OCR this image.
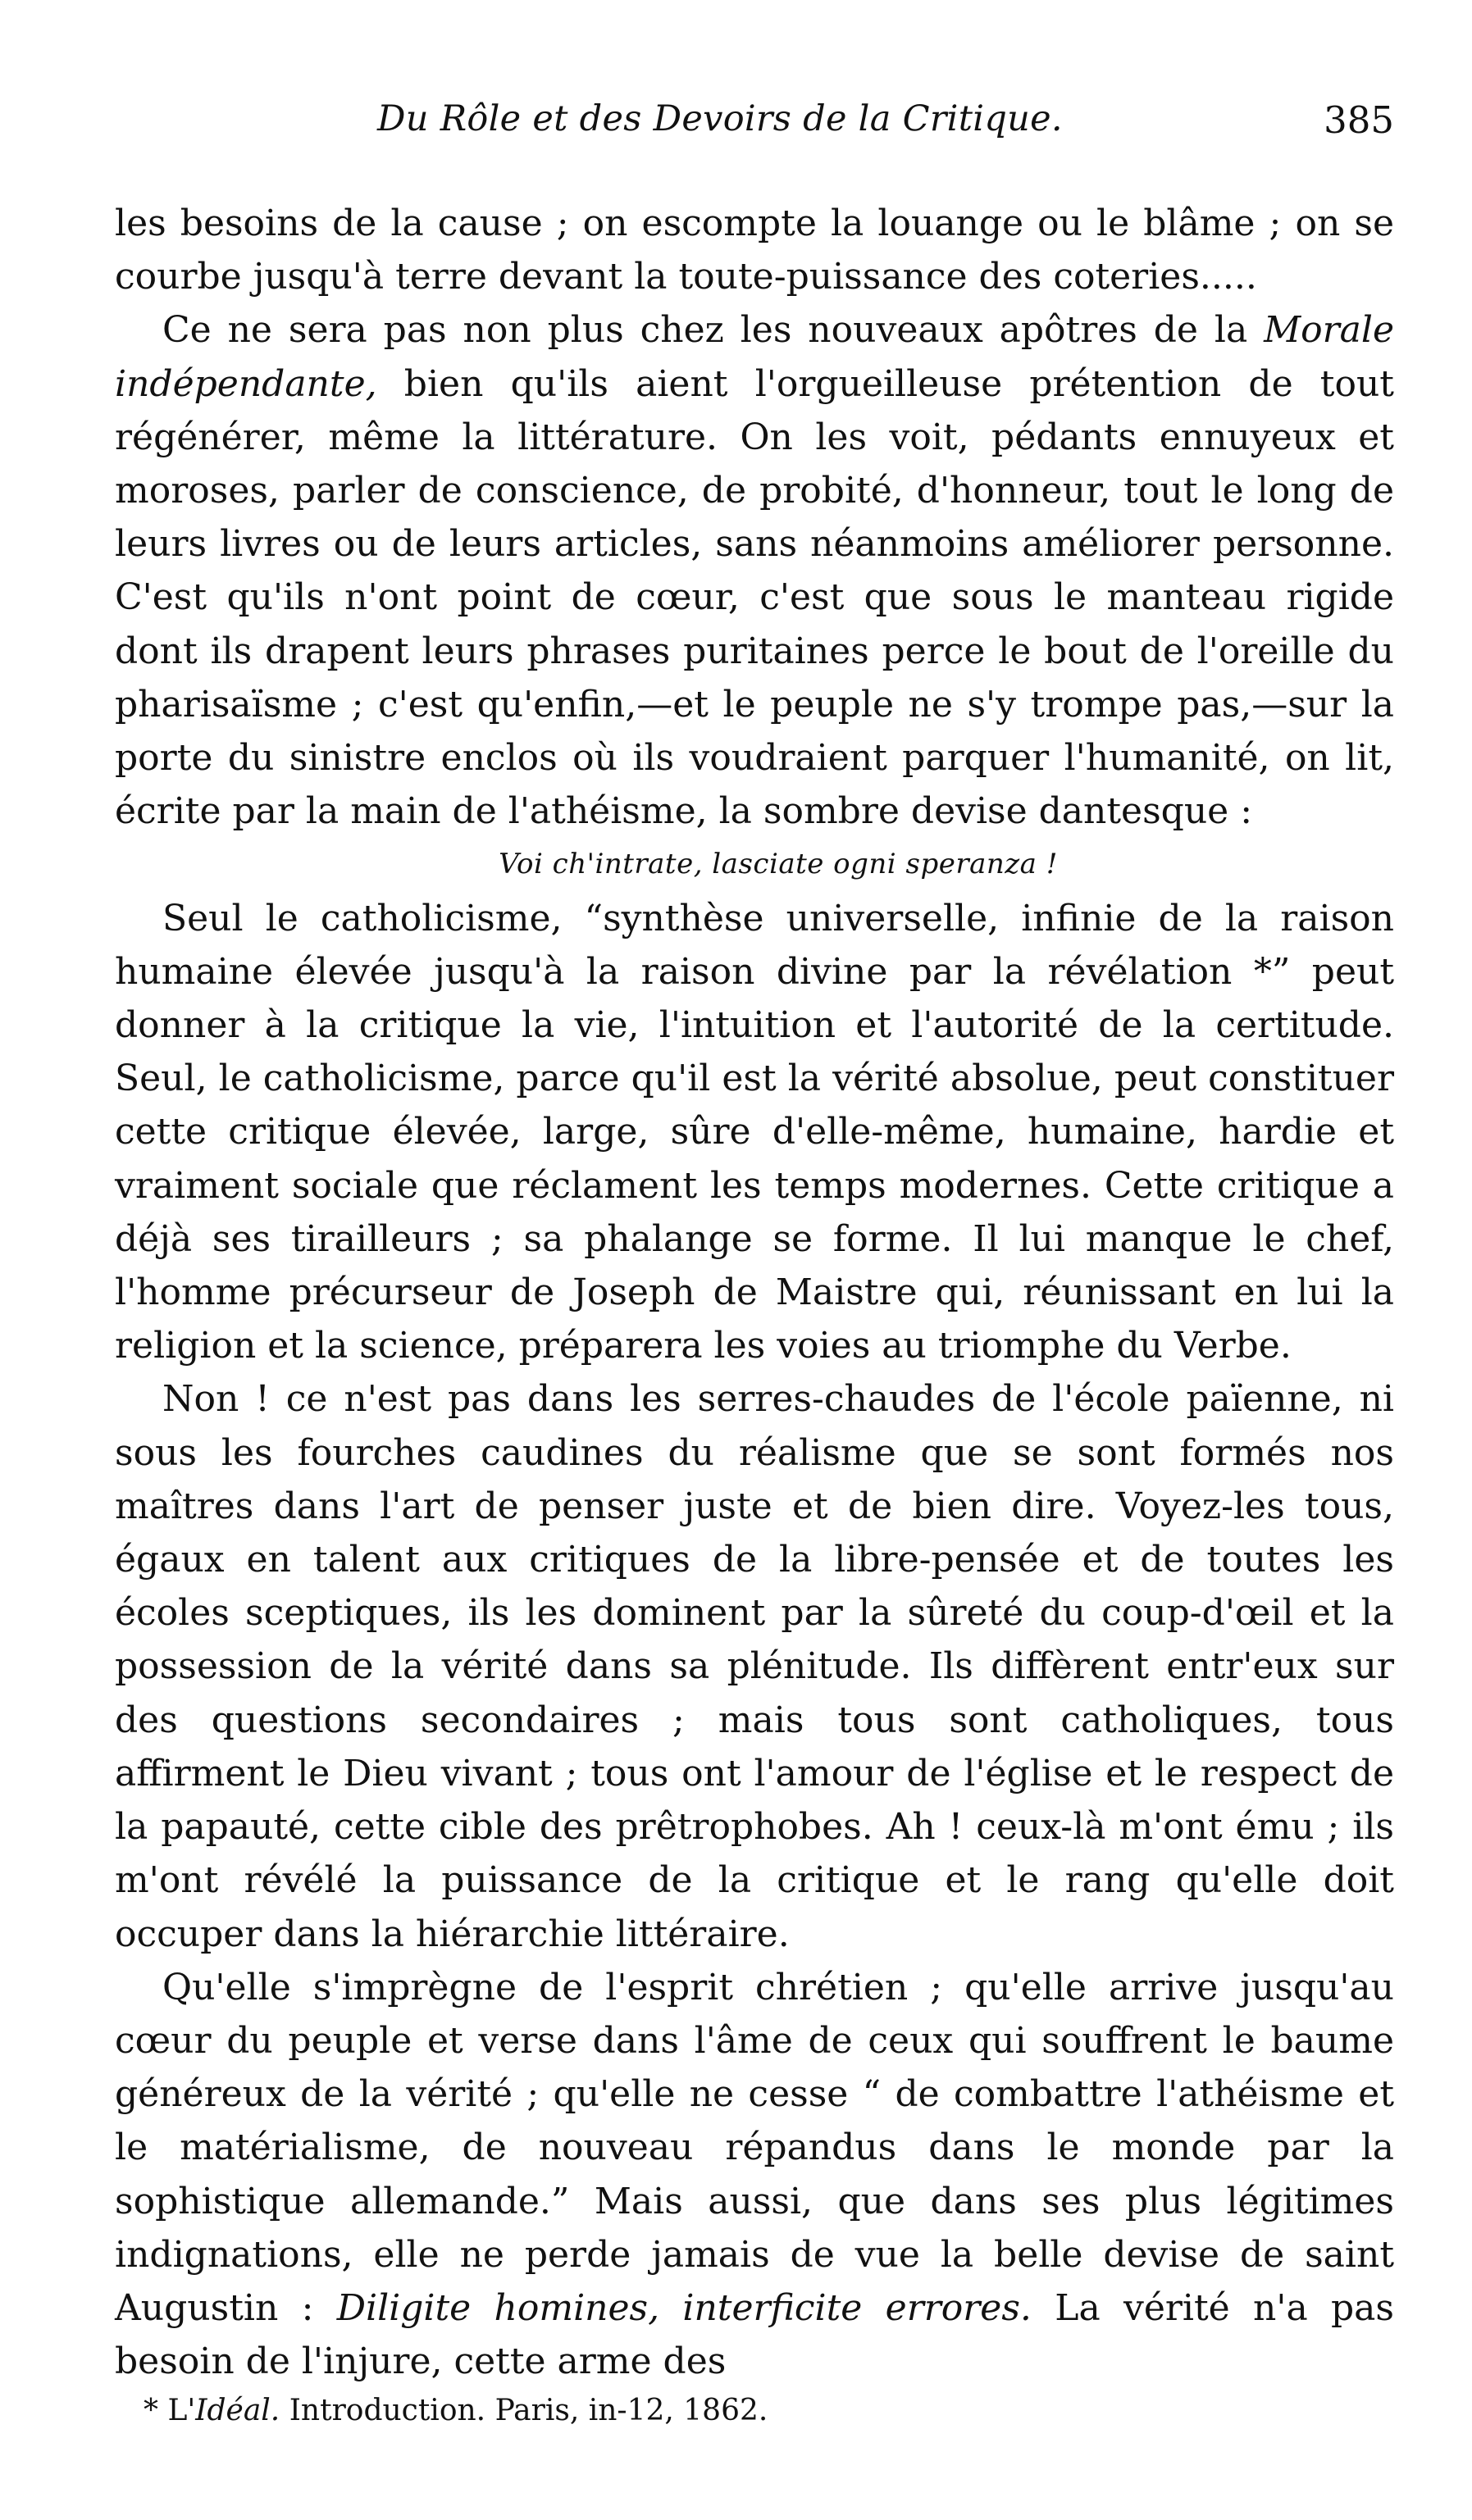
Du Rôle et des Devoirs de la Critique.	385

les besoins de la cause ; on escompte la louange ou le blâme ; on se courbe jusqu'à terre devant la toute-puissance des coteries.....

Ce ne sera pas non plus chez les nouveaux apôtres de la Morale indépendante, bien qu'ils aient l'orgueilleuse prétention de tout régénérer, même la littérature. On les voit, pédants ennuyeux et moroses, parler de conscience, de probité, d'honneur, tout le long de leurs livres ou de leurs articles, sans néanmoins améliorer personne. C'est qu'ils n'ont point de cœur, c'est que sous le manteau rigide dont ils drapent leurs phrases puritaines perce le bout de l'oreille du pharisaïsme ; c'est qu'enfin,—et le peuple ne s'y trompe pas,—sur la porte du sinistre enclos où ils voudraient parquer l'humanité, on lit, écrite par la main de l'athéisme, la sombre devise dantesque :

Voi ch'intrate, lasciate ogni speranza !

Seul le catholicisme, “synthèse universelle, infinie de la raison humaine élevée jusqu'à la raison divine par la révélation *” peut donner à la critique la vie, l'intuition et l'autorité de la certitude. Seul, le catholicisme, parce qu'il est la vérité absolue, peut constituer cette critique élevée, large, sûre d'elle-même, humaine, hardie et vraiment sociale que réclament les temps modernes. Cette critique a déjà ses tirailleurs ; sa phalange se forme. Il lui manque le chef, l'homme précurseur de Joseph de Maistre qui, réunissant en lui la religion et la science, préparera les voies au triomphe du Verbe.

Non ! ce n'est pas dans les serres-chaudes de l'école païenne, ni sous les fourches caudines du réalisme que se sont formés nos maîtres dans l'art de penser juste et de bien dire. Voyez-les tous, égaux en talent aux critiques de la libre-pensée et de toutes les écoles sceptiques, ils les dominent par la sûreté du coup-d'œil et la possession de la vérité dans sa plénitude. Ils diffèrent entr'eux sur des questions secondaires ; mais tous sont catholiques, tous affirment le Dieu vivant ; tous ont l'amour de l'église et le respect de la papauté, cette cible des prêtrophobes. Ah ! ceux-là m'ont ému ; ils m'ont révélé la puissance de la critique et le rang qu'elle doit occuper dans la hiérarchie littéraire.

Qu'elle s'imprègne de l'esprit chrétien ; qu'elle arrive jusqu'au cœur du peuple et verse dans l'âme de ceux qui souffrent le baume généreux de la vérité ; qu'elle ne cesse “ de combattre l'athéisme et le matérialisme, de nouveau répandus dans le monde par la sophistique allemande.” Mais aussi, que dans ses plus légitimes indignations, elle ne perde jamais de vue la belle devise de saint Augustin : Diligite homines, interficite errores. La vérité n'a pas besoin de l'injure, cette arme des

* L'Idéal. Introduction. Paris, in-12, 1862.
